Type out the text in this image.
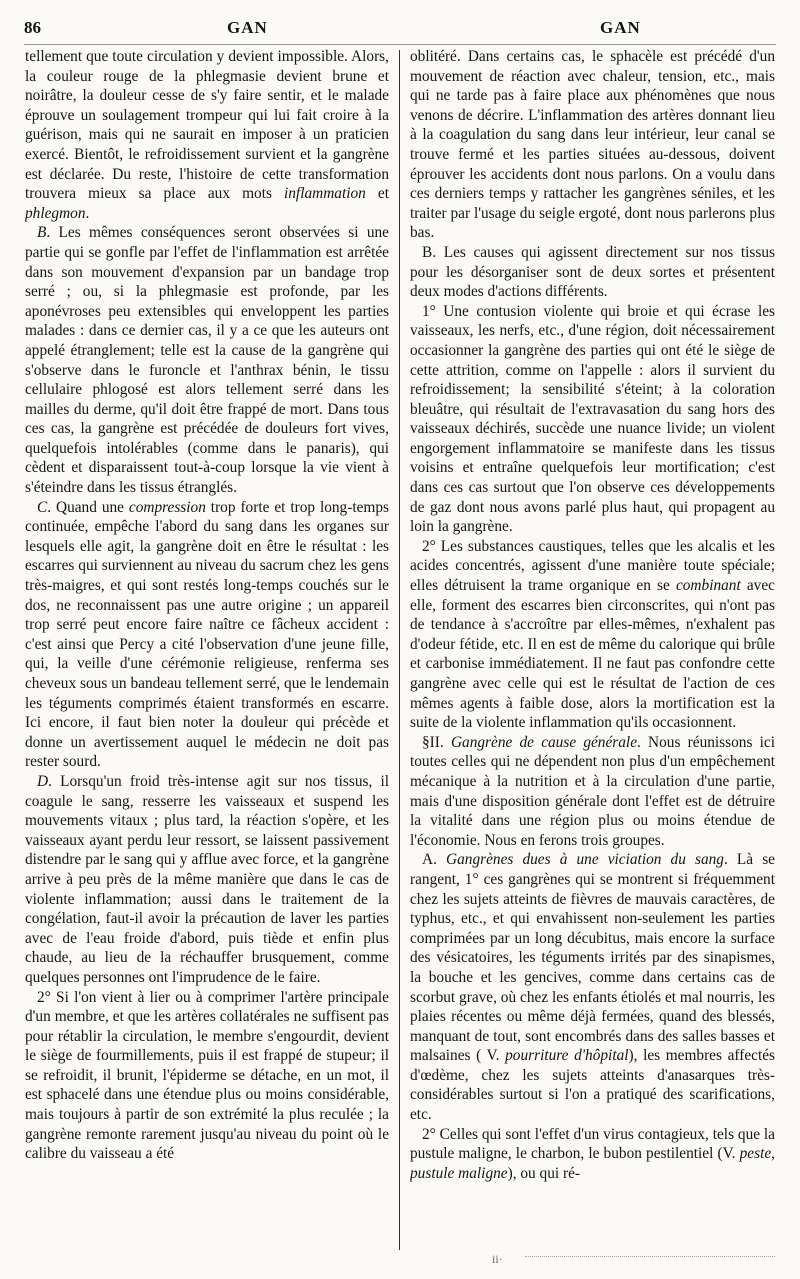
86	GAN	GAN

tellement que toute circulation y devient impossible. Alors, la couleur rouge de la phlegmasie devient brune et noirâtre, la douleur cesse de s'y faire sentir, et le malade éprouve un soulagement trompeur qui lui fait croire à la guérison, mais qui ne saurait en imposer à un praticien exercé. Bientôt, le refroidissement survient et la gangrène est déclarée. Du reste, l'histoire de cette transformation trouvera mieux sa place aux mots inflammation et phlegmon.

B. Les mêmes conséquences seront observées si une partie qui se gonfle par l'effet de l'inflammation est arrêtée dans son mouvement d'expansion par un bandage trop serré ; ou, si la phlegmasie est profonde, par les aponévroses peu extensibles qui enveloppent les parties malades : dans ce dernier cas, il y a ce que les auteurs ont appelé étranglement; telle est la cause de la gangrène qui s'observe dans le furoncle et l'anthrax bénin, le tissu cellulaire phlogosé est alors tellement serré dans les mailles du derme, qu'il doit être frappé de mort. Dans tous ces cas, la gangrène est précédée de douleurs fort vives, quelquefois intolérables (comme dans le panaris), qui cèdent et disparaissent tout-à-coup lorsque la vie vient à s'éteindre dans les tissus étranglés.

C. Quand une compression trop forte et trop long-temps continuée, empêche l'abord du sang dans les organes sur lesquels elle agit, la gangrène doit en être le résultat : les escarres qui surviennent au niveau du sacrum chez les gens très-maigres, et qui sont restés long-temps couchés sur le dos, ne reconnaissent pas une autre origine ; un appareil trop serré peut encore faire naître ce fâcheux accident : c'est ainsi que Percy a cité l'observation d'une jeune fille, qui, la veille d'une cérémonie religieuse, renferma ses cheveux sous un bandeau tellement serré, que le lendemain les téguments comprimés étaient transformés en escarre. Ici encore, il faut bien noter la douleur qui précède et donne un avertissement auquel le médecin ne doit pas rester sourd.

D. Lorsqu'un froid très-intense agit sur nos tissus, il coagule le sang, resserre les vaisseaux et suspend les mouvements vitaux ; plus tard, la réaction s'opère, et les vaisseaux ayant perdu leur ressort, se laissent passivement distendre par le sang qui y afflue avec force, et la gangrène arrive à peu près de la même manière que dans le cas de violente inflammation; aussi dans le traitement de la congélation, faut-il avoir la précaution de laver les parties avec de l'eau froide d'abord, puis tiède et enfin plus chaude, au lieu de la réchauffer brusquement, comme quelques personnes ont l'imprudence de le faire.

2° Si l'on vient à lier ou à comprimer l'artère principale d'un membre, et que les artères collatérales ne suffisent pas pour rétablir la circulation, le membre s'engourdit, devient le siège de fourmillements, puis il est frappé de stupeur; il se refroidit, il brunit, l'épiderme se détache, en un mot, il est sphacelé dans une étendue plus ou moins considérable, mais toujours à partir de son extrémité la plus reculée ; la gangrène remonte rarement jusqu'au niveau du point où le calibre du vaisseau a été

oblitéré. Dans certains cas, le sphacèle est précédé d'un mouvement de réaction avec chaleur, tension, etc., mais qui ne tarde pas à faire place aux phénomènes que nous venons de décrire. L'inflammation des artères donnant lieu à la coagulation du sang dans leur intérieur, leur canal se trouve fermé et les parties situées au-dessous, doivent éprouver les accidents dont nous parlons. On a voulu dans ces derniers temps y rattacher les gangrènes séniles, et les traiter par l'usage du seigle ergoté, dont nous parlerons plus bas.

B. Les causes qui agissent directement sur nos tissus pour les désorganiser sont de deux sortes et présentent deux modes d'actions différents.

1° Une contusion violente qui broie et qui écrase les vaisseaux, les nerfs, etc., d'une région, doit nécessairement occasionner la gangrène des parties qui ont été le siège de cette attrition, comme on l'appelle : alors il survient du refroidissement; la sensibilité s'éteint; à la coloration bleuâtre, qui résultait de l'extravasation du sang hors des vaisseaux déchirés, succède une nuance livide; un violent engorgement inflammatoire se manifeste dans les tissus voisins et entraîne quelquefois leur mortification; c'est dans ces cas surtout que l'on observe ces développements de gaz dont nous avons parlé plus haut, qui propagent au loin la gangrène.

2° Les substances caustiques, telles que les alcalis et les acides concentrés, agissent d'une manière toute spéciale; elles détruisent la trame organique en se combinant avec elle, forment des escarres bien circonscrites, qui n'ont pas de tendance à s'accroître par elles-mêmes, n'exhalent pas d'odeur fétide, etc. Il en est de même du calorique qui brûle et carbonise immédiatement. Il ne faut pas confondre cette gangrène avec celle qui est le résultat de l'action de ces mêmes agents à faible dose, alors la mortification est la suite de la violente inflammation qu'ils occasionnent.

§II. Gangrène de cause générale. Nous réunissons ici toutes celles qui ne dépendent non plus d'un empêchement mécanique à la nutrition et à la circulation d'une partie, mais d'une disposition générale dont l'effet est de détruire la vitalité dans une région plus ou moins étendue de l'économie. Nous en ferons trois groupes.

A. Gangrènes dues à une viciation du sang. Là se rangent, 1° ces gangrènes qui se montrent si fréquemment chez les sujets atteints de fièvres de mauvais caractères, de typhus, etc., et qui envahissent non-seulement les parties comprimées par un long décubitus, mais encore la surface des vésicatoires, les téguments irrités par des sinapismes, la bouche et les gencives, comme dans certains cas de scorbut grave, où chez les enfants étiolés et mal nourris, les plaies récentes ou même déjà fermées, quand des blessés, manquant de tout, sont encombrés dans des salles basses et malsaines ( V. pourriture d'hôpital), les membres affectés d'œdème, chez les sujets atteints d'anasarques très-considérables surtout si l'on a pratiqué des scarifications, etc.

2° Celles qui sont l'effet d'un virus contagieux, tels que la pustule maligne, le charbon, le bubon pestilentiel (V. peste, pustule maligne), ou qui ré-

ii·
